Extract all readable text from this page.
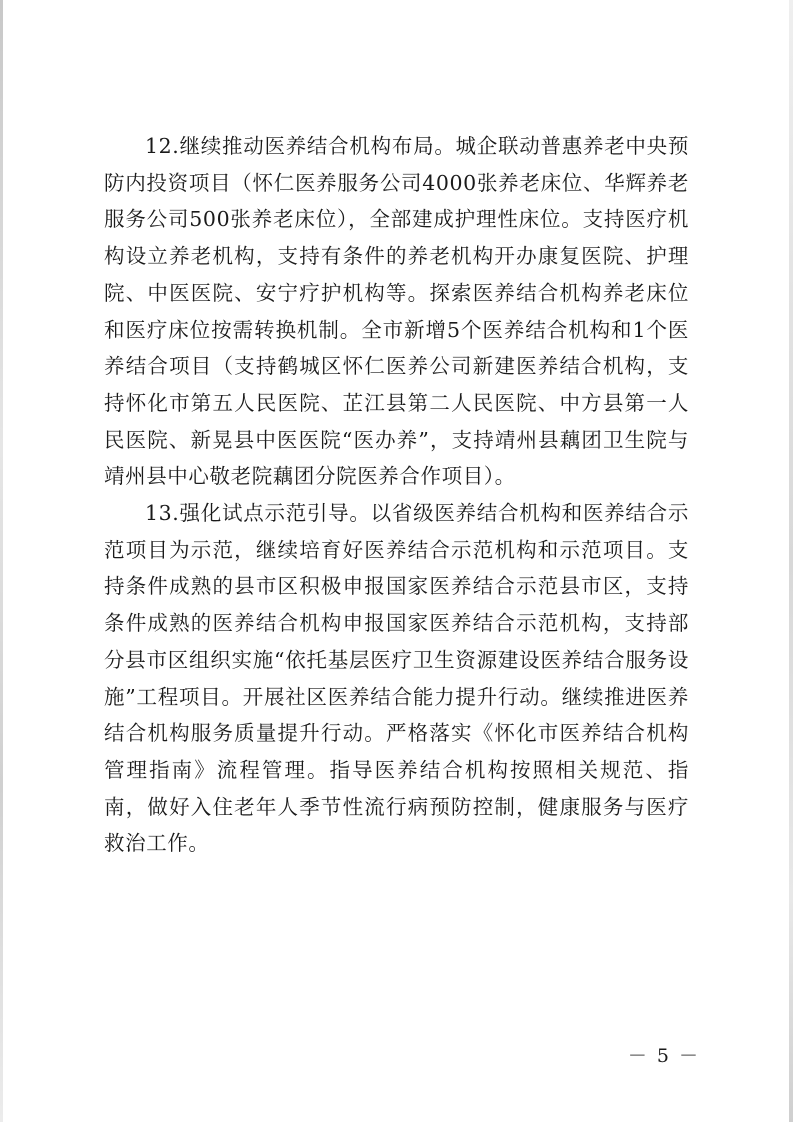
12.继续推动医养结合机构布局。城企联动普惠养老中央预防内投资项目（怀仁医养服务公司4000张养老床位、华辉养老服务公司500张养老床位），全部建成护理性床位。支持医疗机构设立养老机构，支持有条件的养老机构开办康复医院、护理院、中医医院、安宁疗护机构等。探索医养结合机构养老床位和医疗床位按需转换机制。全市新增5个医养结合机构和1个医养结合项目（支持鹤城区怀仁医养公司新建医养结合机构，支持怀化市第五人民医院、芷江县第二人民医院、中方县第一人民医院、新晃县中医医院“医办养”，支持靖州县藕团卫生院与靖州县中心敬老院藕团分院医养合作项目）。

13.强化试点示范引导。以省级医养结合机构和医养结合示范项目为示范，继续培育好医养结合示范机构和示范项目。支持条件成熟的县市区积极申报国家医养结合示范县市区，支持条件成熟的医养结合机构申报国家医养结合示范机构，支持部分县市区组织实施“依托基层医疗卫生资源建设医养结合服务设施”工程项目。开展社区医养结合能力提升行动。继续推进医养结合机构服务质量提升行动。严格落实《怀化市医养结合机构管理指南》流程管理。指导医养结合机构按照相关规范、指南，做好入住老年人季节性流行病预防控制，健康服务与医疗救治工作。

－ 5 －
